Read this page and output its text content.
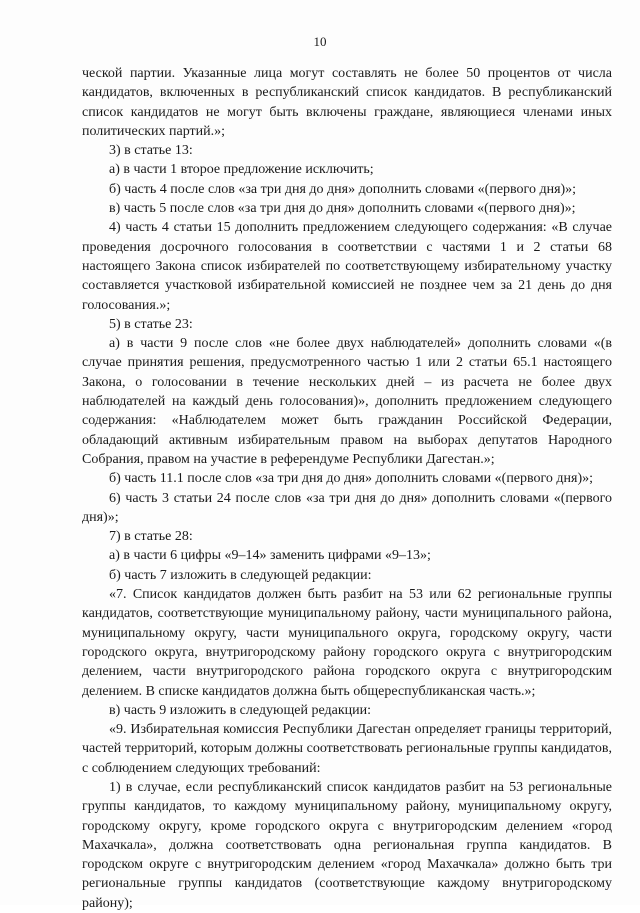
10

ческой партии. Указанные лица могут составлять не более 50 процентов от числа кандидатов, включенных в республиканский список кандидатов. В республиканский список кандидатов не могут быть включены граждане, являющиеся членами иных политических партий.»;

3) в статье 13:

а) в части 1 второе предложение исключить;

б) часть 4 после слов «за три дня до дня» дополнить словами «(первого дня)»;

в) часть 5 после слов «за три дня до дня» дополнить словами «(первого дня)»;

4) часть 4 статьи 15 дополнить предложением следующего содержания: «В случае проведения досрочного голосования в соответствии с частями 1 и 2 статьи 68 настоящего Закона список избирателей по соответствующему избирательному участку составляется участковой избирательной комиссией не позднее чем за 21 день до дня голосования.»;

5) в статье 23:

а) в части 9 после слов «не более двух наблюдателей» дополнить словами «(в случае принятия решения, предусмотренного частью 1 или 2 статьи 65.1 настоящего Закона, о голосовании в течение нескольких дней – из расчета не более двух наблюдателей на каждый день голосования)», дополнить предложением следующего содержания: «Наблюдателем может быть гражданин Российской Федерации, обладающий активным избирательным правом на выборах депутатов Народного Собрания, правом на участие в референдуме Республики Дагестан.»;

б) часть 11.1 после слов «за три дня до дня» дополнить словами «(первого дня)»;

6) часть 3 статьи 24 после слов «за три дня до дня» дополнить словами «(первого дня)»;

7) в статье 28:

а) в части 6 цифры «9–14» заменить цифрами «9–13»;

б) часть 7 изложить в следующей редакции:

«7. Список кандидатов должен быть разбит на 53 или 62 региональные группы кандидатов, соответствующие муниципальному району, части муниципального района, муниципальному округу, части муниципального округа, городскому округу, части городского округа, внутригородскому району городского округа с внутригородским делением, части внутригородского района городского округа с внутригородским делением. В списке кандидатов должна быть общереспубликанская часть.»;

в) часть 9 изложить в следующей редакции:

«9. Избирательная комиссия Республики Дагестан определяет границы территорий, частей территорий, которым должны соответствовать региональные группы кандидатов, с соблюдением следующих требований:

1) в случае, если республиканский список кандидатов разбит на 53 региональные группы кандидатов, то каждому муниципальному району, муниципальному округу, городскому округу, кроме городского округа с внутригородским делением «город Махачкала», должна соответствовать одна региональная группа кандидатов. В городском округе с внутригородским делением «город Махачкала» должно быть три региональные группы кандидатов (соответствующие каждому внутригородскому району);
